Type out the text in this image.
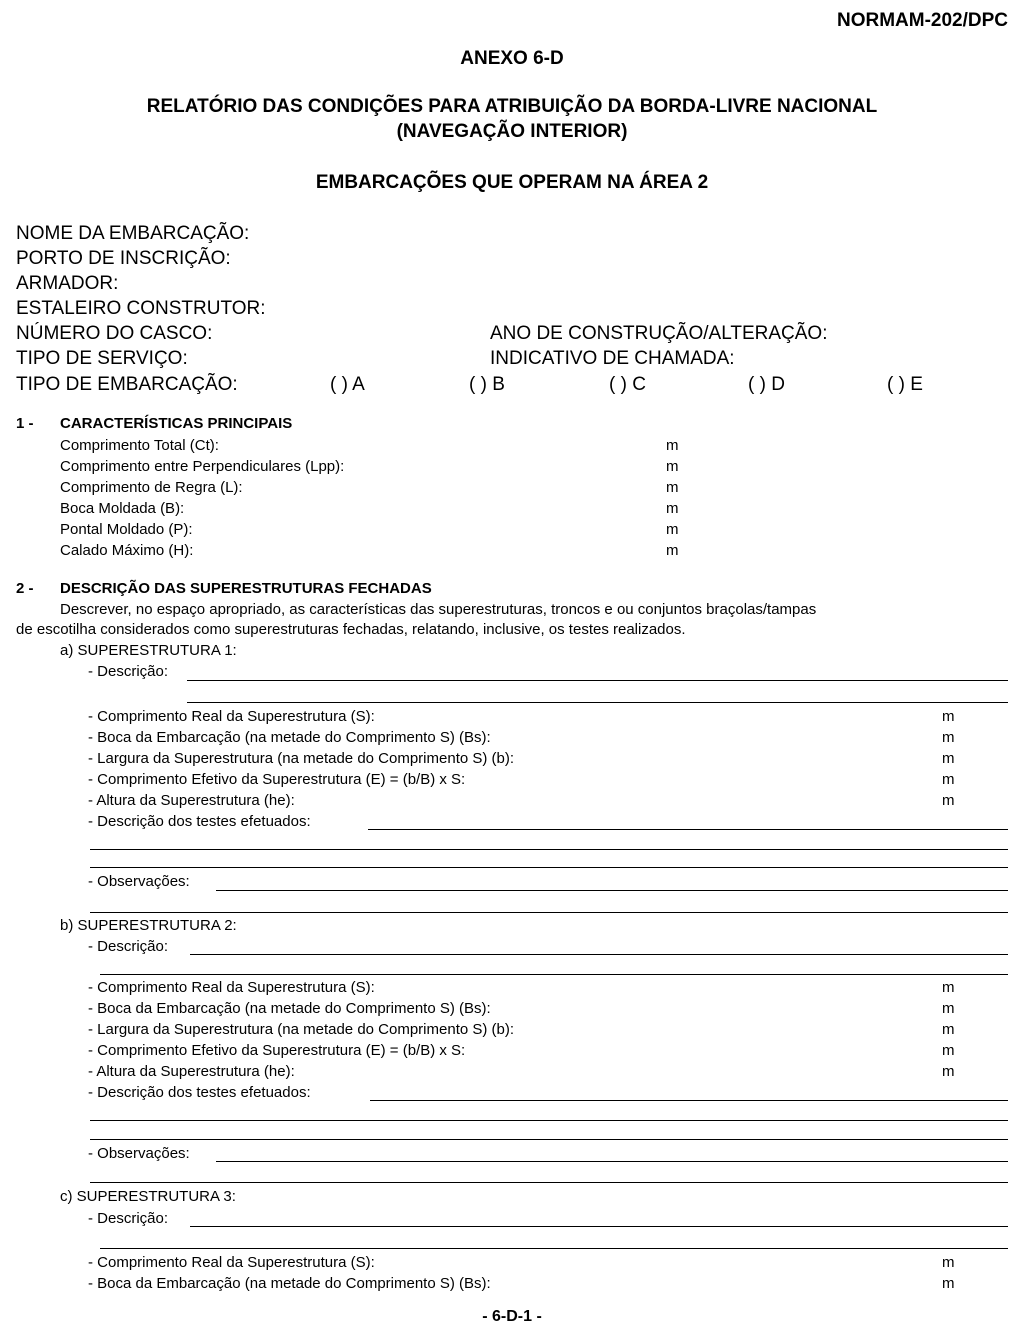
NORMAM-202/DPC
ANEXO 6-D
RELATÓRIO DAS CONDIÇÕES PARA ATRIBUIÇÃO DA BORDA-LIVRE NACIONAL
(NAVEGAÇÃO INTERIOR)
EMBARCAÇÕES QUE OPERAM NA ÁREA 2
NOME DA EMBARCAÇÃO:
PORTO DE INSCRIÇÃO:
ARMADOR:
ESTALEIRO CONSTRUTOR:
NÚMERO DO CASCO:	ANO DE CONSTRUÇÃO/ALTERAÇÃO:
TIPO DE SERVIÇO:	INDICATIVO DE CHAMADA:
TIPO DE EMBARCAÇÃO:	( ) A	( ) B	( ) C	( ) D	( ) E
1 - CARACTERÍSTICAS PRINCIPAIS
Comprimento Total (Ct):	m
Comprimento entre Perpendiculares (Lpp):	m
Comprimento de Regra (L):	m
Boca Moldada (B):	m
Pontal Moldado (P):	m
Calado Máximo (H):	m
2 - DESCRIÇÃO DAS SUPERESTRUTURAS FECHADAS
Descrever, no espaço apropriado, as características das superestruturas, troncos e ou conjuntos braçolas/tampas
de escotilha considerados como superestruturas fechadas, relatando, inclusive, os testes realizados.
a) SUPERESTRUTURA 1:
- Descrição:
- Comprimento Real da Superestrutura (S):	m
- Boca da Embarcação (na metade do Comprimento S) (Bs):	m
- Largura da Superestrutura (na metade do Comprimento S) (b):	m
- Comprimento Efetivo da Superestrutura (E) = (b/B) x S:	m
- Altura da Superestrutura (he):	m
- Descrição dos testes efetuados:
- Observações:
b) SUPERESTRUTURA 2:
- Descrição:
- Comprimento Real da Superestrutura (S):	m
- Boca da Embarcação (na metade do Comprimento S) (Bs):	m
- Largura da Superestrutura (na metade do Comprimento S) (b):	m
- Comprimento Efetivo da Superestrutura (E) = (b/B) x S:	m
- Altura da Superestrutura (he):	m
- Descrição dos testes efetuados:
- Observações:
c) SUPERESTRUTURA 3:
- Descrição:
- Comprimento Real da Superestrutura (S):	m
- Boca da Embarcação (na metade do Comprimento S) (Bs):	m
- 6-D-1 -
